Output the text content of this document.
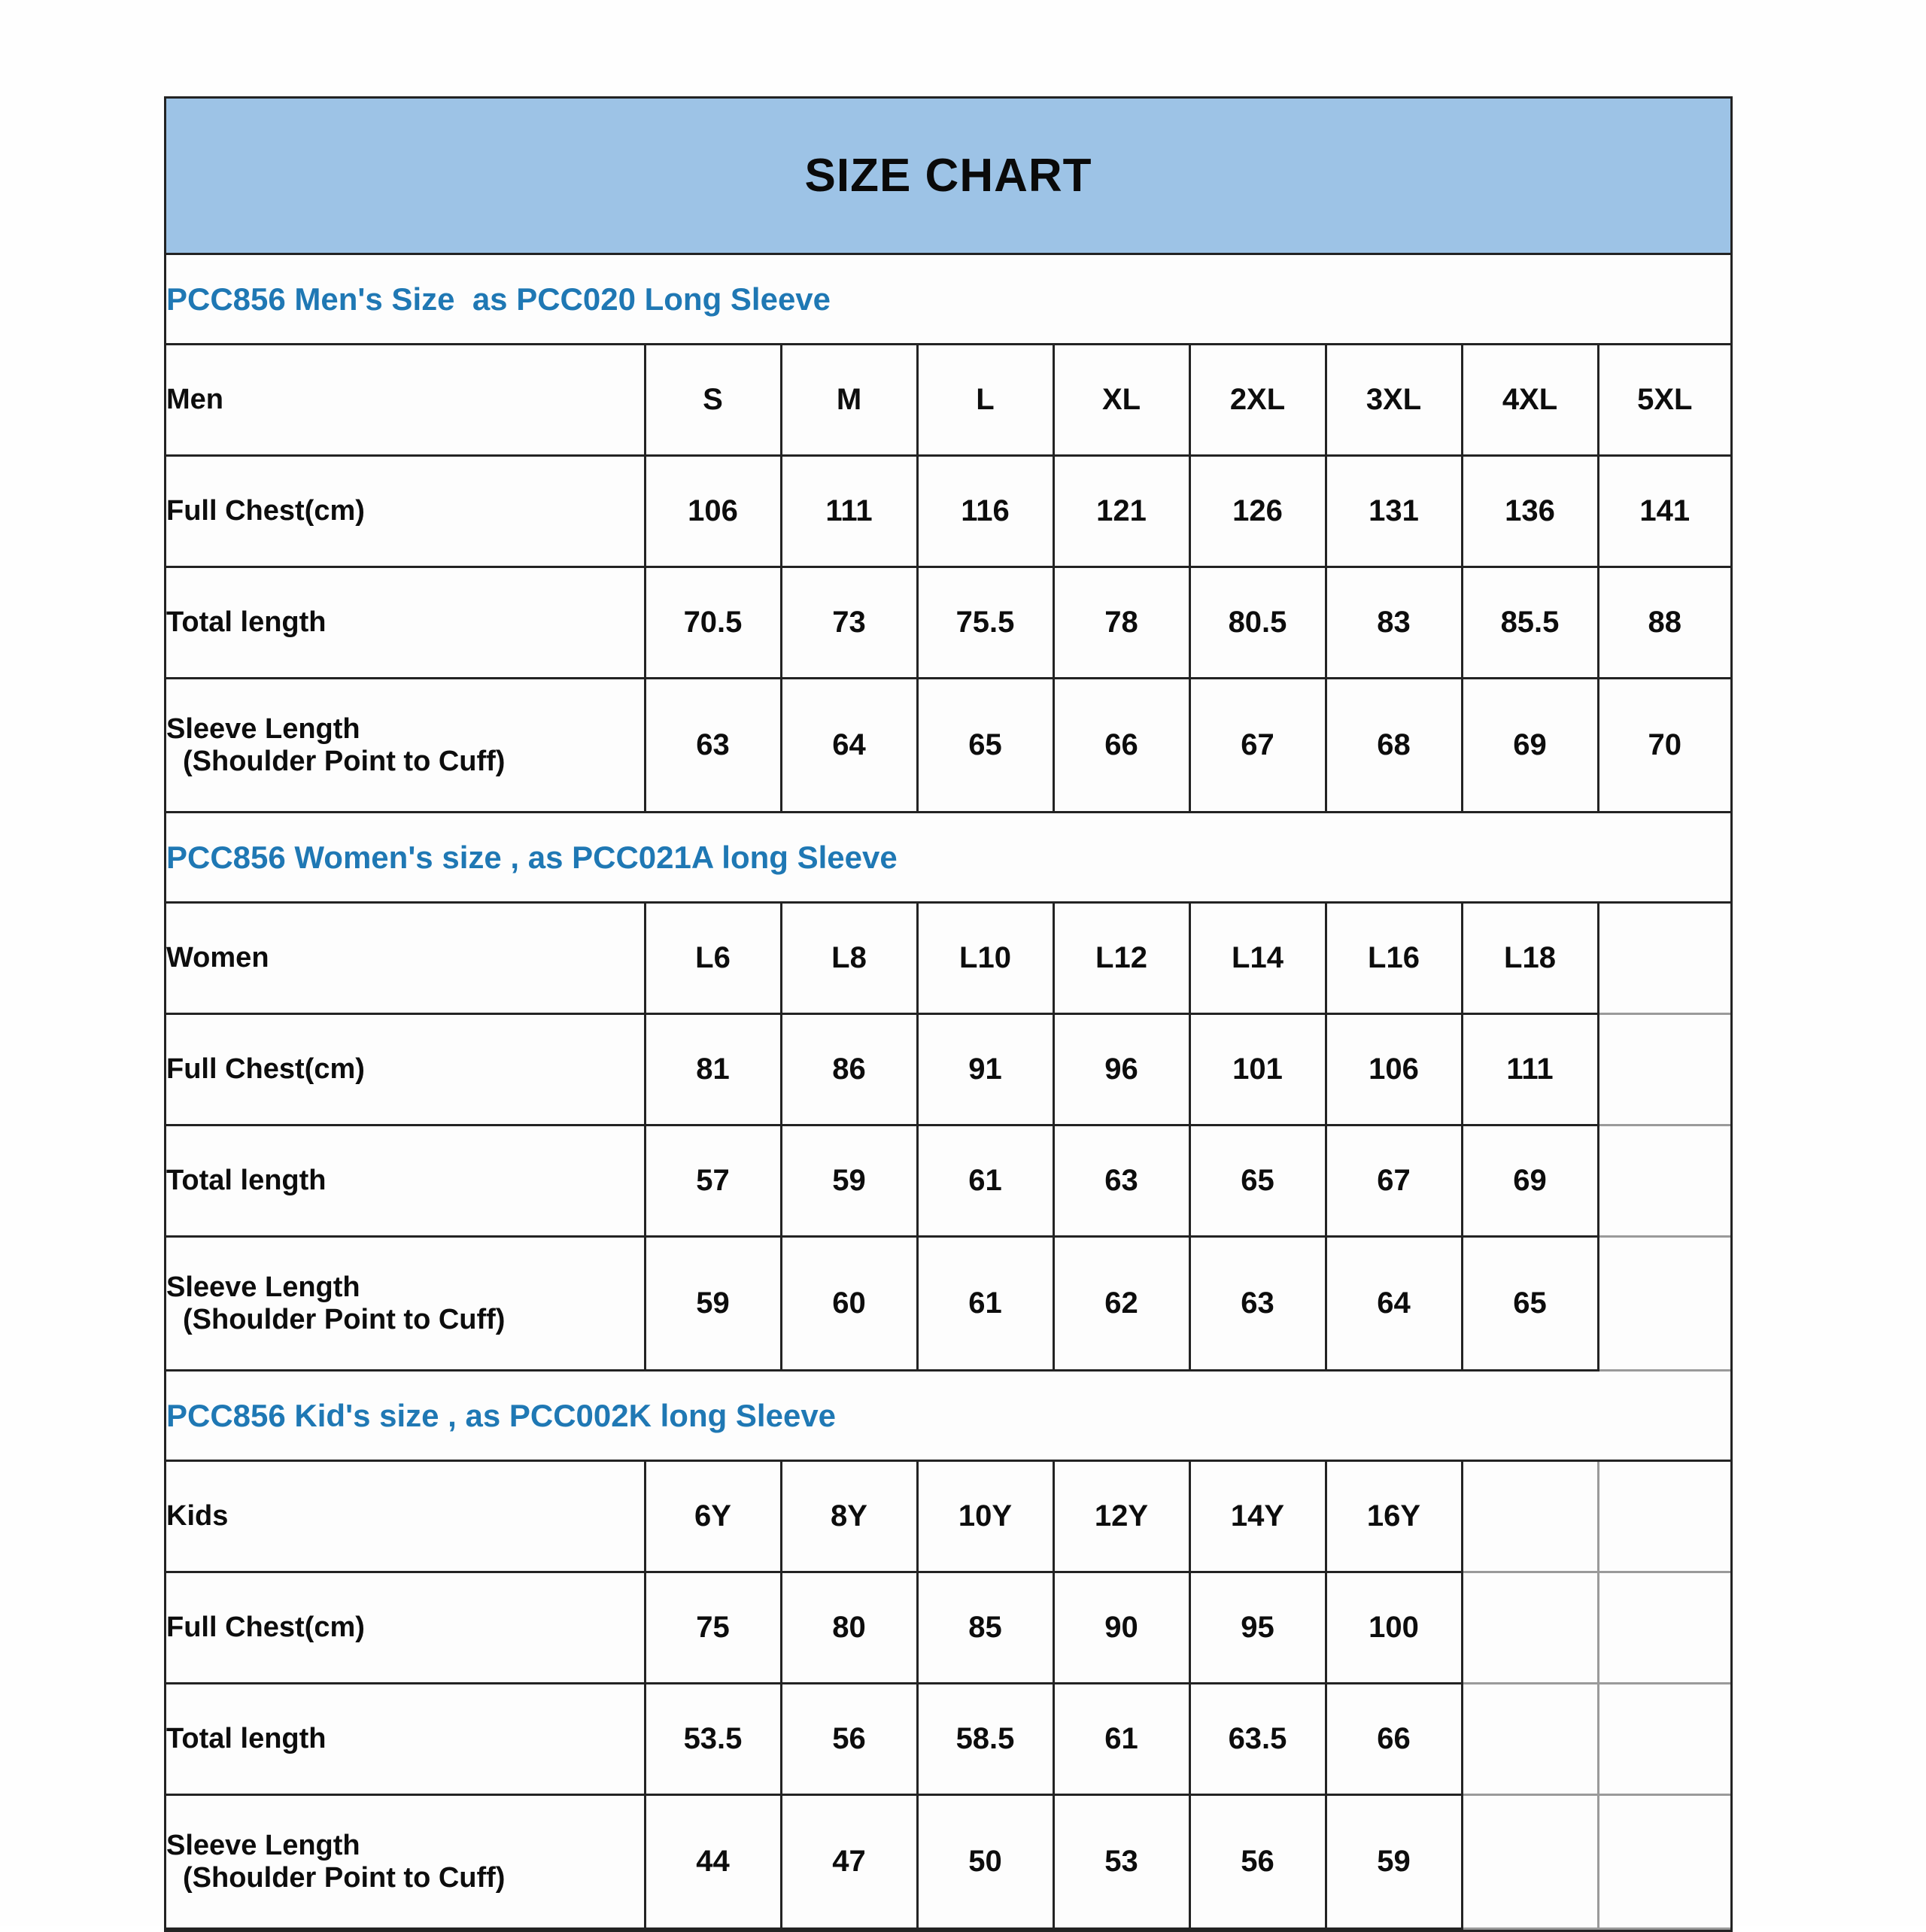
SIZE CHART								
PCC856 Men's Size  as PCC020 Long Sleeve								
Men	S	M	L	XL	2XL	3XL	4XL	5XL
Full Chest(cm)	106	111	116	121	126	131	136	141
Total length	70.5	73	75.5	78	80.5	83	85.5	88
Sleeve Length
(Shoulder Point to Cuff)	63	64	65	66	67	68	69	70
PCC856 Women's size , as PCC021A long Sleeve								
Women	L6	L8	L10	L12	L14	L16	L18	
Full Chest(cm)	81	86	91	96	101	106	111	
Total length	57	59	61	63	65	67	69	
Sleeve Length
(Shoulder Point to Cuff)	59	60	61	62	63	64	65	
PCC856 Kid's size , as PCC002K long Sleeve								
Kids	6Y	8Y	10Y	12Y	14Y	16Y		
Full Chest(cm)	75	80	85	90	95	100		
Total length	53.5	56	58.5	61	63.5	66		
Sleeve Length
(Shoulder Point to Cuff)	44	47	50	53	56	59		
